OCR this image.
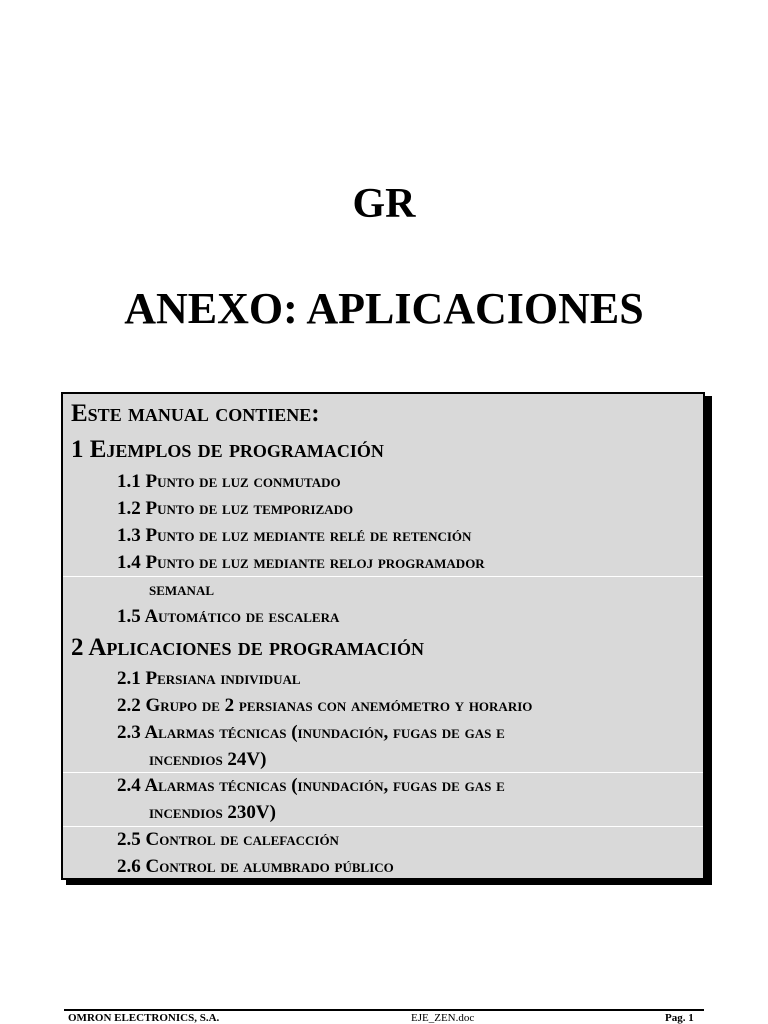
GR
ANEXO: APLICACIONES
Este manual contiene:
1 Ejemplos de programación
1.1 Punto de luz conmutado
1.2 Punto de luz temporizado
1.3 Punto de luz mediante relé de retención
1.4 Punto de luz mediante reloj programador
semanal
1.5 Automático de escalera
2 Aplicaciones de programación
2.1 Persiana individual
2.2 Grupo de 2 persianas con anemómetro y horario
2.3 Alarmas técnicas (inundación, fugas de gas e
incendios 24V)
2.4 Alarmas técnicas (inundación, fugas de gas e
incendios 230V)
2.5 Control de calefacción
2.6 Control de alumbrado público
OMRON ELECTRONICS, S.A.	EJE_ZEN.doc	Pag. 1
